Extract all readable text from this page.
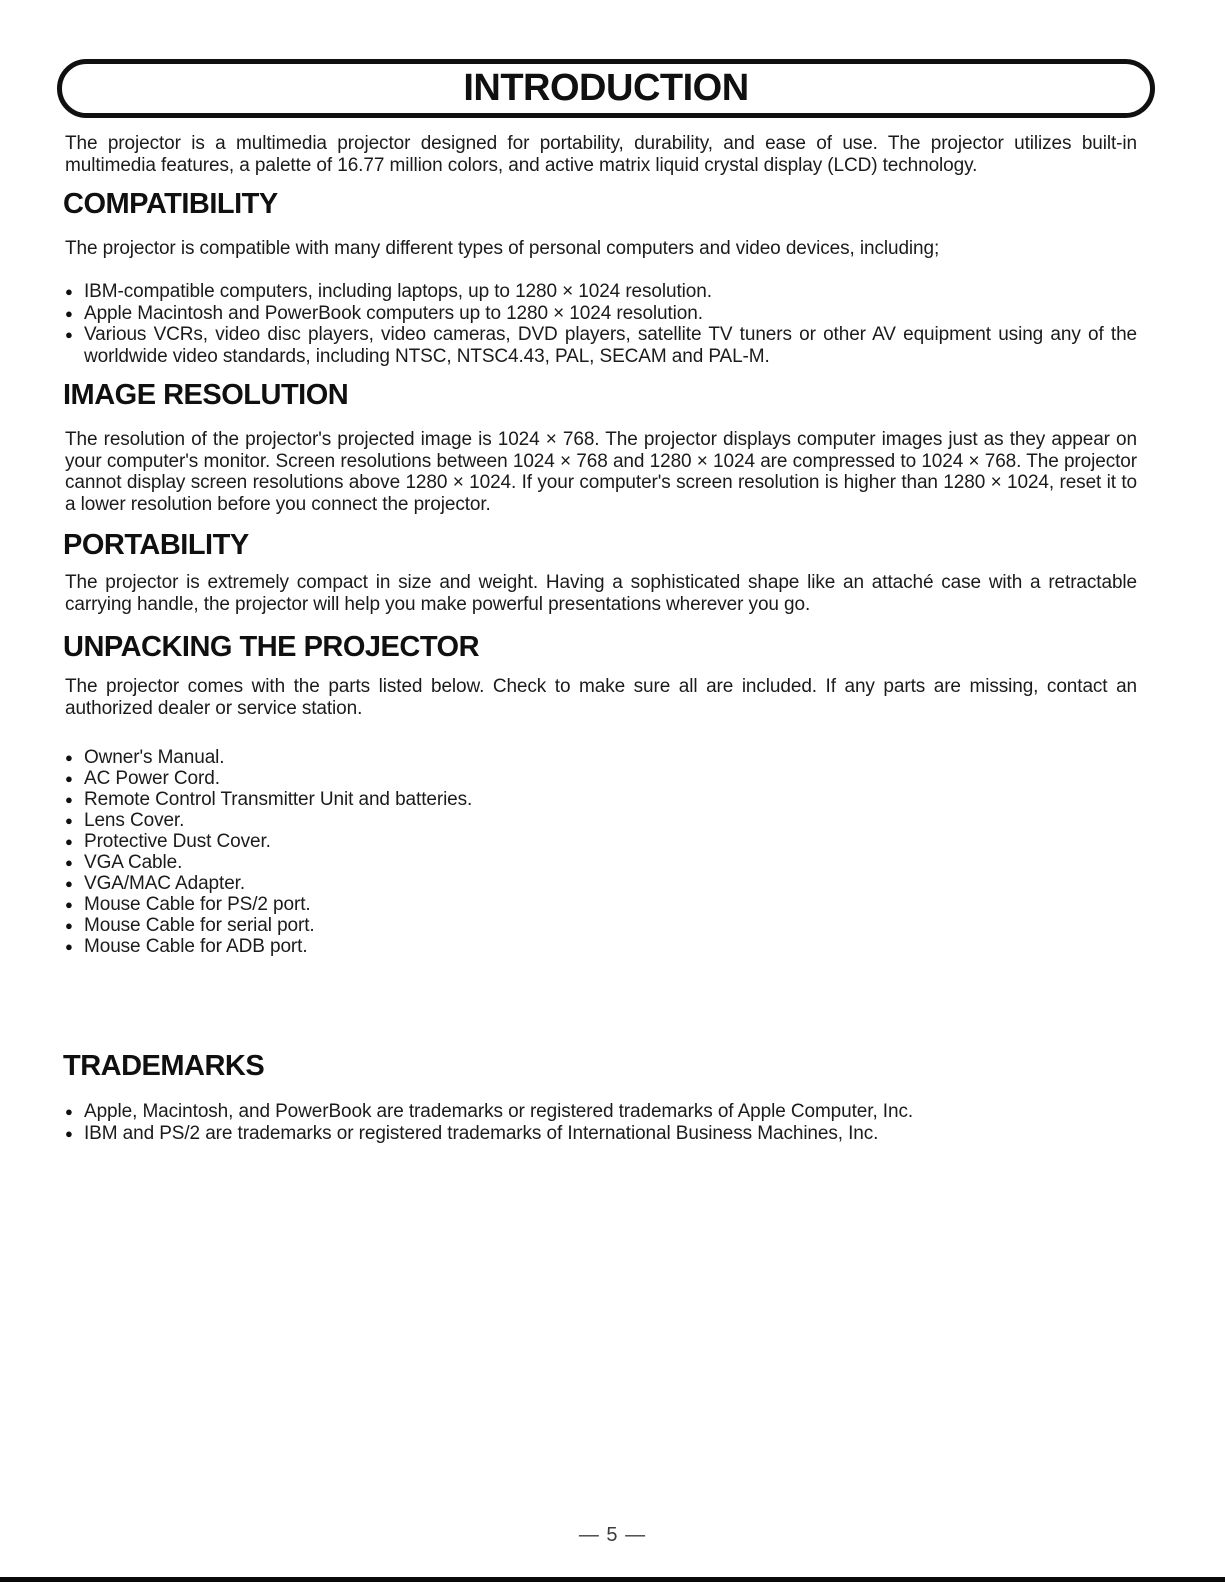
INTRODUCTION

The projector is a multimedia projector designed for portability, durability, and ease of use. The projector utilizes built-in multimedia features, a palette of 16.77 million colors, and active matrix liquid crystal display (LCD) technology.

COMPATIBILITY

The projector is compatible with many different types of personal computers and video devices, including;

● IBM-compatible computers, including laptops, up to 1280 × 1024 resolution.
● Apple Macintosh and PowerBook computers up to 1280 × 1024 resolution.
● Various VCRs, video disc players, video cameras, DVD players, satellite TV tuners or other AV equipment using any of the worldwide video standards, including NTSC, NTSC4.43, PAL, SECAM and PAL-M.
IMAGE RESOLUTION

The resolution of the projector's projected image is 1024 × 768. The projector displays computer images just as they appear on your computer's monitor. Screen resolutions between 1024 × 768 and 1280 × 1024 are compressed to 1024 × 768. The projector cannot display screen resolutions above 1280 × 1024. If your computer's screen resolution is higher than 1280 × 1024, reset it to a lower resolution before you connect the projector.

PORTABILITY

The projector is extremely compact in size and weight. Having a sophisticated shape like an attaché case with a retractable carrying handle, the projector will help you make powerful presentations wherever you go.

UNPACKING THE PROJECTOR

The projector comes with the parts listed below. Check to make sure all are included. If any parts are missing, contact an authorized dealer or service station.

● Owner's Manual.
● AC Power Cord.
● Remote Control Transmitter Unit and batteries.
● Lens Cover.
● Protective Dust Cover.
● VGA Cable.
● VGA/MAC Adapter.
● Mouse Cable for PS/2 port.
● Mouse Cable for serial port.
● Mouse Cable for ADB port.
TRADEMARKS
● Apple, Macintosh, and PowerBook are trademarks or registered trademarks of Apple Computer, Inc.
● IBM and PS/2 are trademarks or registered trademarks of International Business Machines, Inc.
— 5 —
